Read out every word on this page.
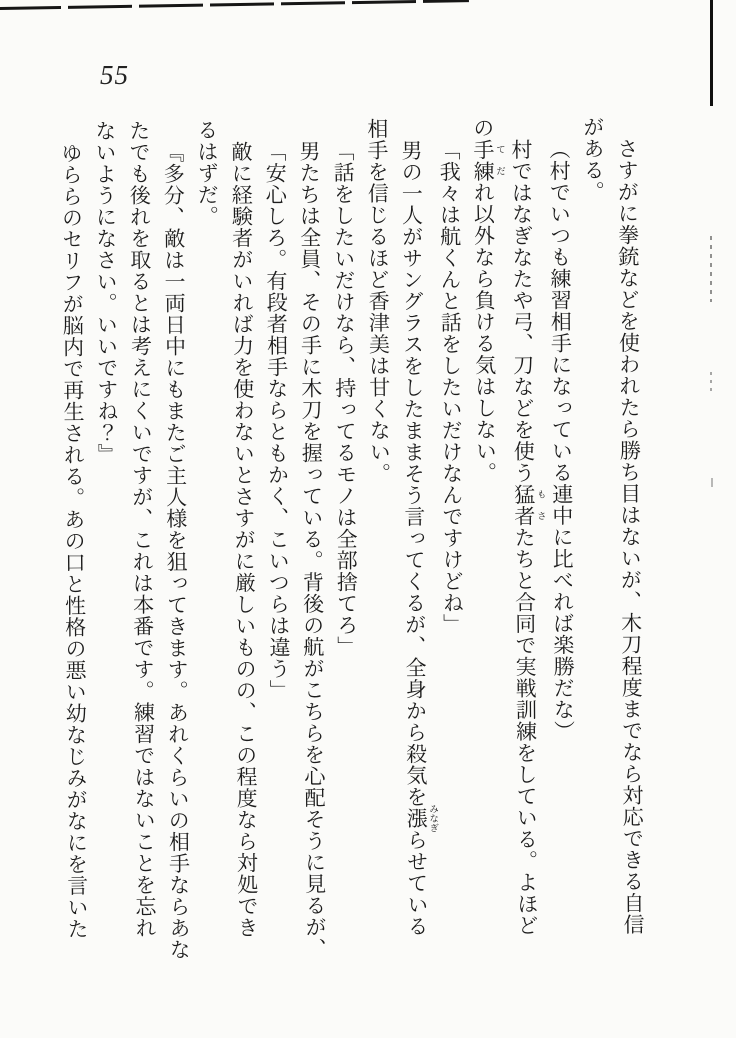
55

さすがに拳銃などを使われたら勝ち目はないが、木刀程度までなら対応できる自信

がある。

（村でいつも練習相手になっている連中に比べれば楽勝だな）

村ではなぎなたや弓、刀などを使う猛者もさたちと合同で実戦訓練をしている。よほど

の手練てだれ以外なら負ける気はしない。

「我々は航くんと話をしたいだけなんですけどね」

男の一人がサングラスをしたままそう言ってくるが、全身から殺気を漲みなぎらせている

相手を信じるほど香津美は甘くない。

「話をしたいだけなら、持ってるモノは全部捨てろ」

男たちは全員、その手に木刀を握っている。背後の航がこちらを心配そうに見るが、

「安心しろ。有段者相手ならともかく、こいつらは違う」

敵に経験者がいれば力を使わないとさすがに厳しいものの、この程度なら対処でき

るはずだ。

『多分、敵は一両日中にもまたご主人様を狙ってきます。あれくらいの相手ならあな

たでも後れを取るとは考えにくいですが、これは本番です。練習ではないことを忘れ

ないようになさい。いいですね？』

ゆららのセリフが脳内で再生される。あの口と性格の悪い幼なじみがなにを言いた
